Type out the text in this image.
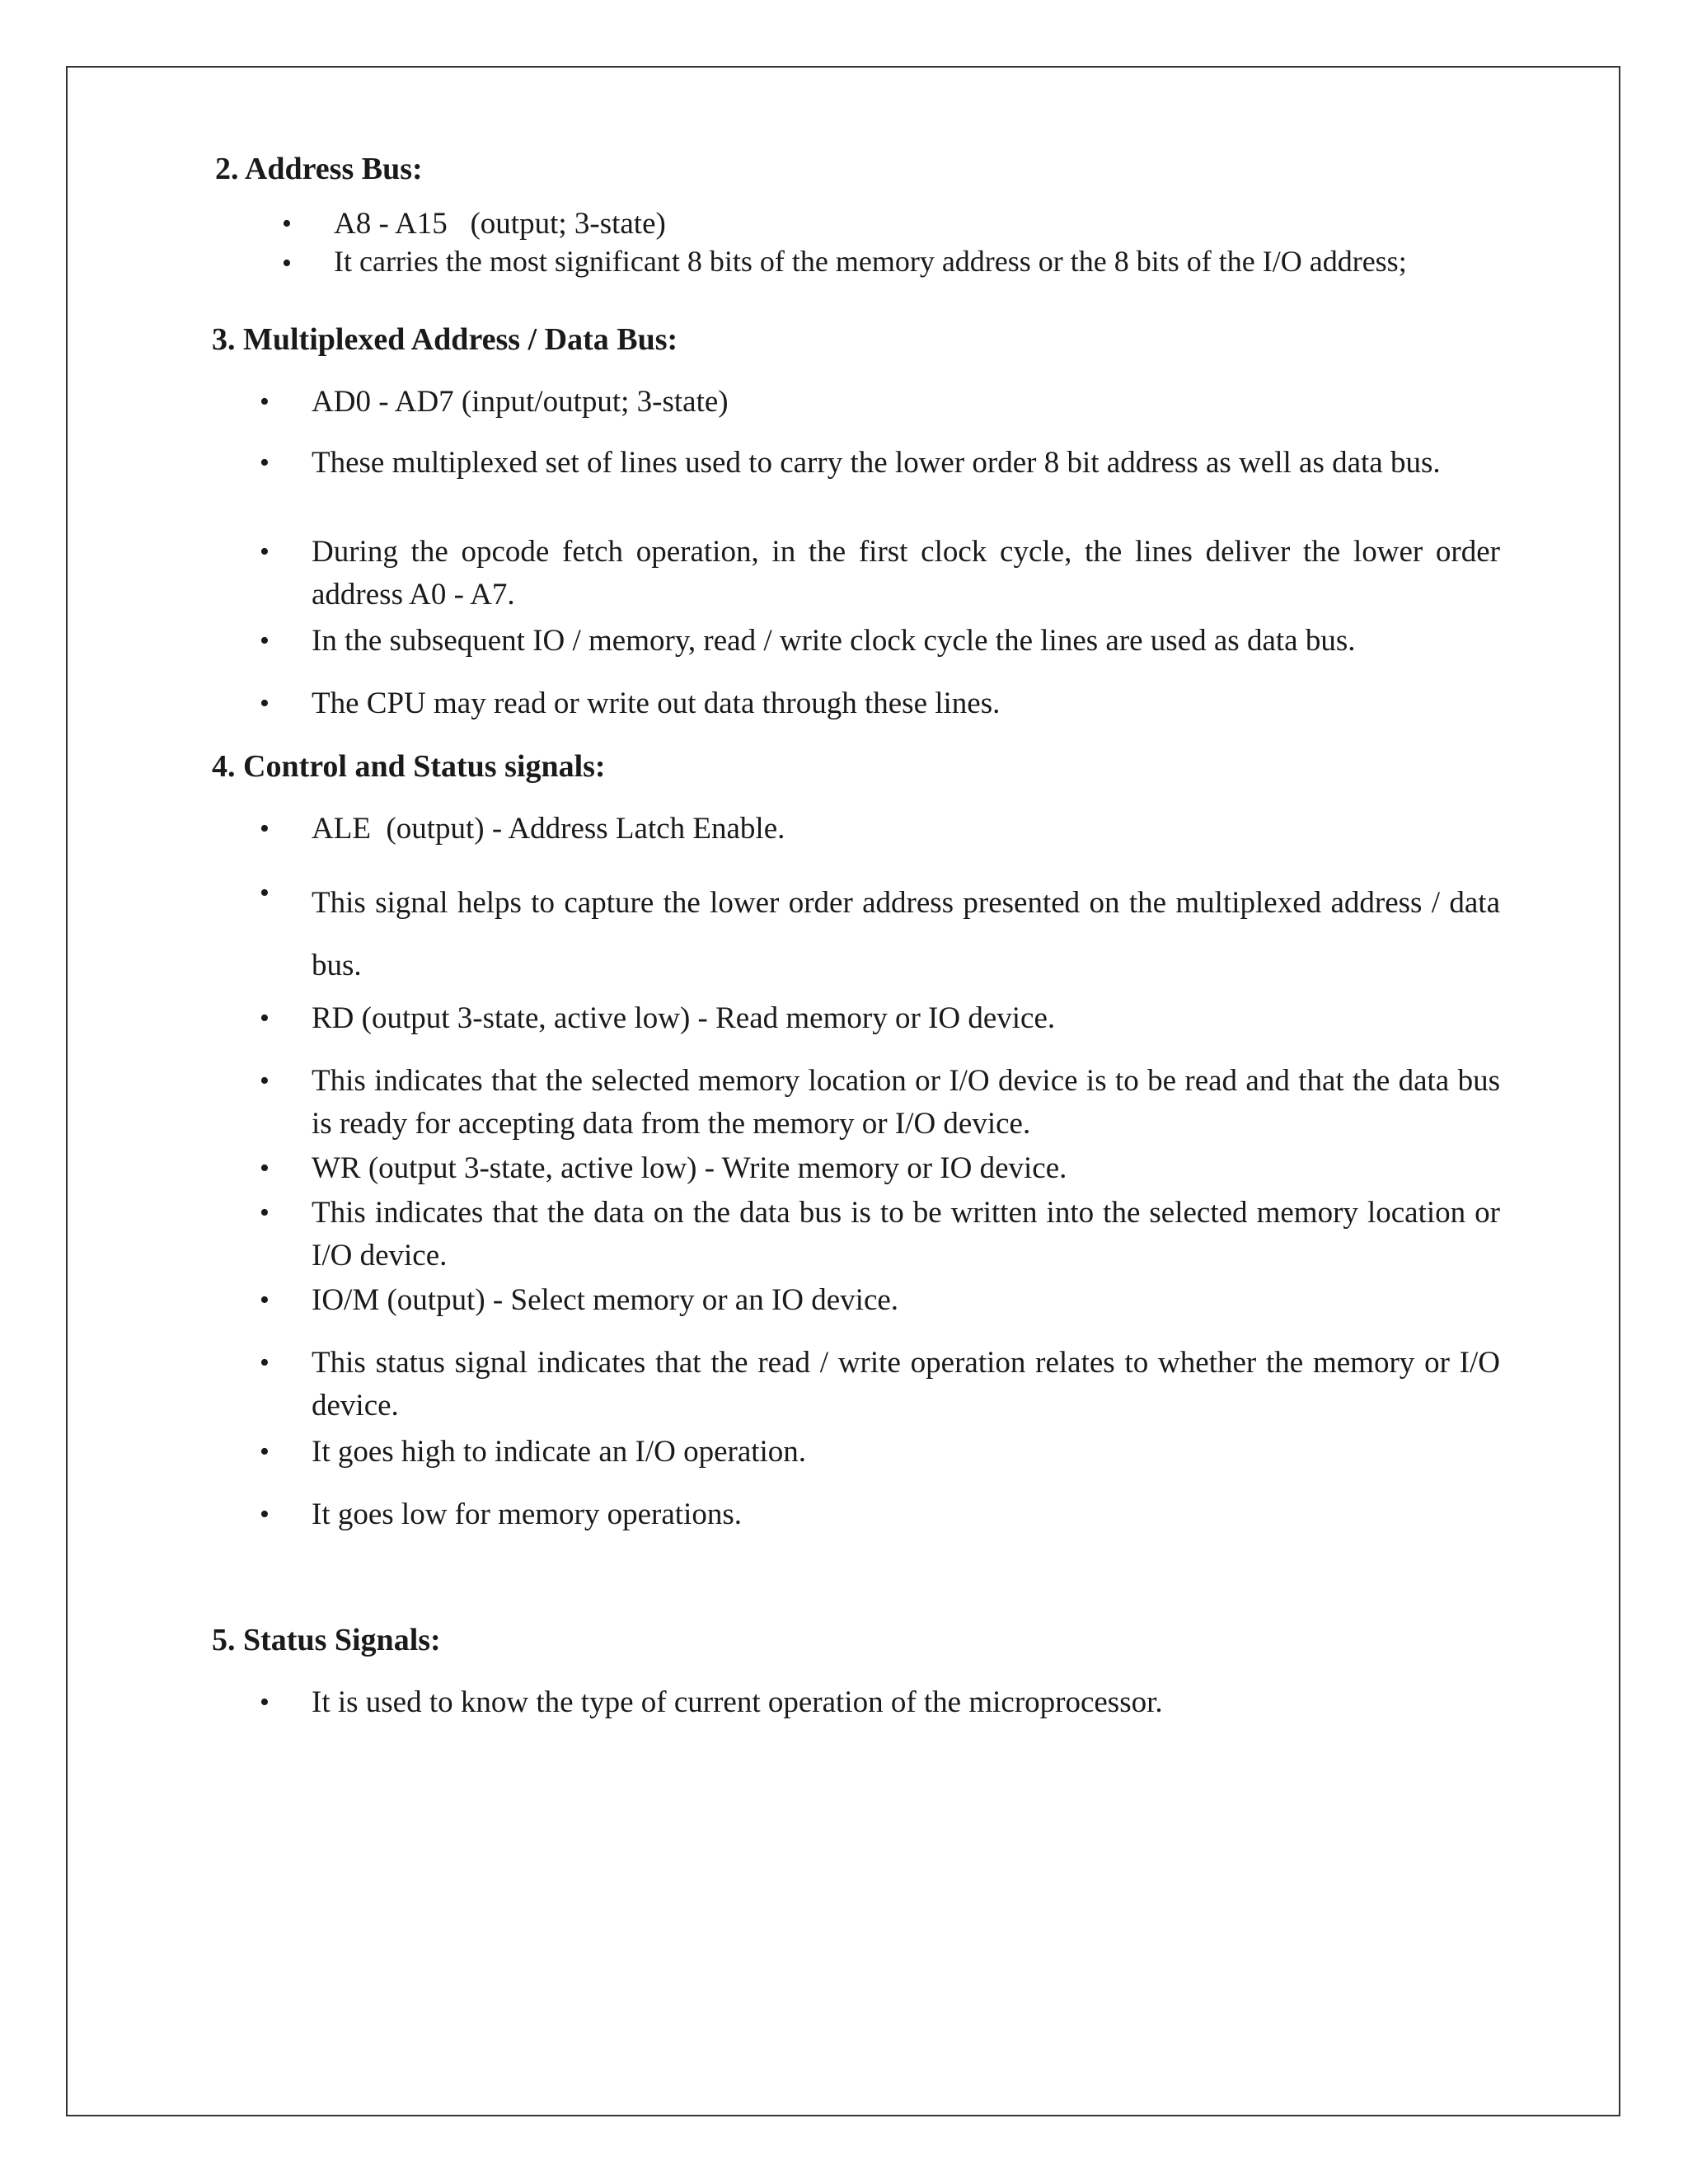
2. Address Bus:

• A8 - A15   (output; 3-state)

• It carries the most significant 8 bits of the memory address or the 8 bits of the I/O address;

3. Multiplexed Address / Data Bus:

• AD0 - AD7 (input/output; 3-state)

• These multiplexed set of lines used to carry the lower order 8 bit address as well as data bus.

• During the opcode fetch operation, in the first clock cycle, the lines deliver the lower order address A0 - A7.

• In the subsequent IO / memory, read / write clock cycle the lines are used as data bus.

• The CPU may read or write out data through these lines.

4. Control and Status signals:

• ALE  (output) - Address Latch Enable.

• This signal helps to capture the lower order address presented on the multiplexed address / data bus.

• RD (output 3-state, active low) - Read memory or IO device.

• This indicates that the selected memory location or I/O device is to be read and that the data bus is ready for accepting data from the memory or I/O device.

• WR (output 3-state, active low) - Write memory or IO device.

• This indicates that the data on the data bus is to be written into the selected memory location or I/O device.

• IO/M (output) - Select memory or an IO device.

• This status signal indicates that the read / write operation relates to whether the memory or I/O device.

• It goes high to indicate an I/O operation.

• It goes low for memory operations.

5. Status Signals:

• It is used to know the type of current operation of the microprocessor.
